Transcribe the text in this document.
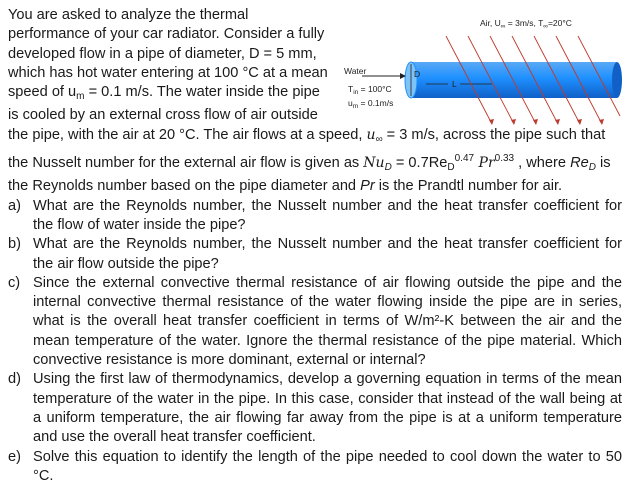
Air, $U_\infty = 3m/s$, $T_\infty=20^\circ C$
D
L
Water
$T_{in} = 100^\circ C$
$u_m = 0.1m/s$

You are asked to analyze the thermal

performance of your car radiator. Consider a fully

developed flow in a pipe of diameter, D = 5 mm,

which has hot water entering at 100 °C at a mean

speed of $u_m = 0.1$ m/s. The water inside the pipe

is cooled by an external cross flow of air outside

the pipe, with the air at 20 °C. The air flows at a speed, $u_\infty = 3$ m/s, across the pipe such that

the Nusselt number for the external air flow is given as $Nu_D = 0.7Re_D^{0.47}$ $Pr^{0.33}$ , where $Re_D$ is

the Reynolds number based on the pipe diameter and Pr is the Prandtl number for air.

a) What are the Reynolds number, the Nusselt number and the heat transfer coefficient for the flow of water inside the pipe?
b) What are the Reynolds number, the Nusselt number and the heat transfer coefficient for the air flow outside the pipe?
c) Since the external convective thermal resistance of air flowing outside the pipe and the internal convective thermal resistance of the water flowing inside the pipe are in series, what is the overall heat transfer coefficient in terms of W/m²-K between the air and the mean temperature of the water. Ignore the thermal resistance of the pipe material. Which convective resistance is more dominant, external or internal?
d) Using the first law of thermodynamics, develop a governing equation in terms of the mean temperature of the water in the pipe. In this case, consider that instead of the wall being at a uniform temperature, the air flowing far away from the pipe is at a uniform temperature and use the overall heat transfer coefficient.
e) Solve this equation to identify the length of the pipe needed to cool down the water to 50 °C.
